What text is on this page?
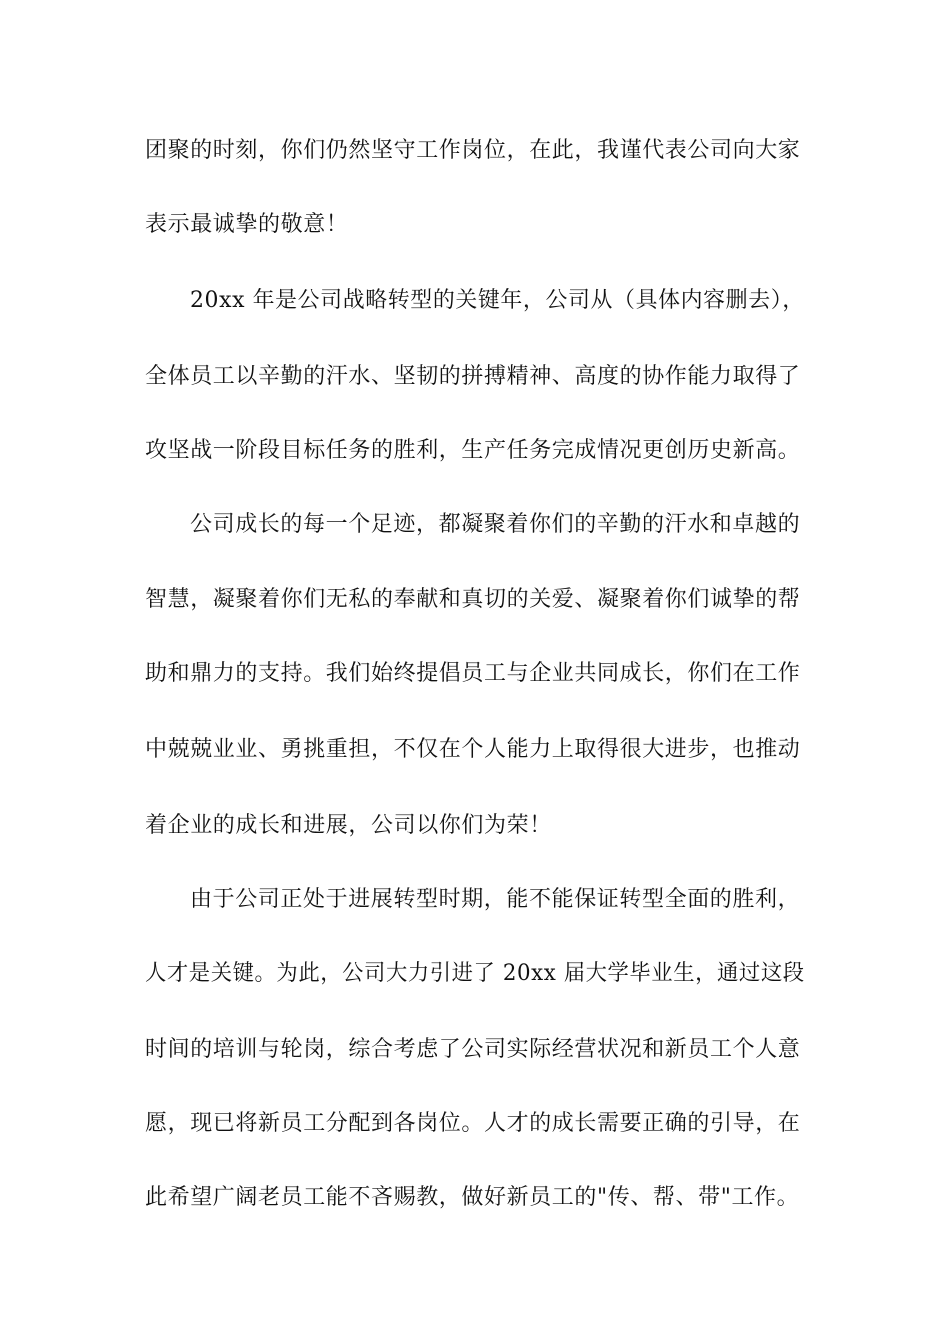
团聚的时刻，你们仍然坚守工作岗位，在此，我谨代表公司向大家
表示最诚挚的敬意！
20xx 年是公司战略转型的关键年，公司从（具体内容删去），
全体员工以辛勤的汗水、坚韧的拼搏精神、高度的协作能力取得了
攻坚战一阶段目标任务的胜利，生产任务完成情况更创历史新高。
公司成长的每一个足迹，都凝聚着你们的辛勤的汗水和卓越的
智慧，凝聚着你们无私的奉献和真切的关爱、凝聚着你们诚挚的帮
助和鼎力的支持。我们始终提倡员工与企业共同成长，你们在工作
中兢兢业业、勇挑重担，不仅在个人能力上取得很大进步，也推动
着企业的成长和进展，公司以你们为荣！
由于公司正处于进展转型时期，能不能保证转型全面的胜利，
人才是关键。为此，公司大力引进了 20xx 届大学毕业生，通过这段
时间的培训与轮岗，综合考虑了公司实际经营状况和新员工个人意
愿，现已将新员工分配到各岗位。人才的成长需要正确的引导，在
此希望广阔老员工能不吝赐教，做好新员工的"传、帮、带"工作。
